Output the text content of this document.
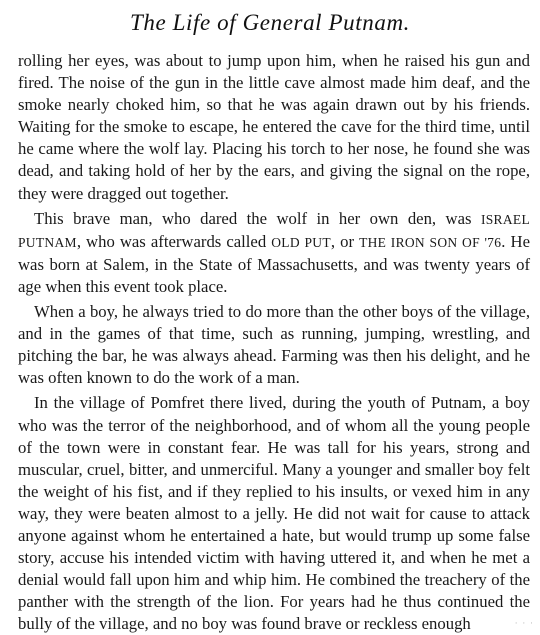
The Life of General Putnam.

rolling her eyes, was about to jump upon him, when he raised his gun and fired. The noise of the gun in the little cave almost made him deaf, and the smoke nearly choked him, so that he was again drawn out by his friends. Waiting for the smoke to escape, he entered the cave for the third time, until he came where the wolf lay. Placing his torch to her nose, he found she was dead, and taking hold of her by the ears, and giving the signal on the rope, they were dragged out together.

This brave man, who dared the wolf in her own den, was ISRAEL PUTNAM, who was afterwards called OLD PUT, or THE IRON SON OF '76. He was born at Salem, in the State of Massachusetts, and was twenty years of age when this event took place.

When a boy, he always tried to do more than the other boys of the village, and in the games of that time, such as running, jumping, wrestling, and pitching the bar, he was always ahead. Farming was then his delight, and he was often known to do the work of a man.

In the village of Pomfret there lived, during the youth of Putnam, a boy who was the terror of the neighborhood, and of whom all the young people of the town were in constant fear. He was tall for his years, strong and muscular, cruel, bitter, and unmerciful. Many a younger and smaller boy felt the weight of his fist, and if they replied to his insults, or vexed him in any way, they were beaten almost to a jelly. He did not wait for cause to attack anyone against whom he entertained a hate, but would trump up some false story, accuse his intended victim with having uttered it, and when he met a denial would fall upon him and whip him. He combined the treachery of the panther with the strength of the lion. For years had he thus continued the bully of the village, and no boy was found brave or reckless enough	· · ·
